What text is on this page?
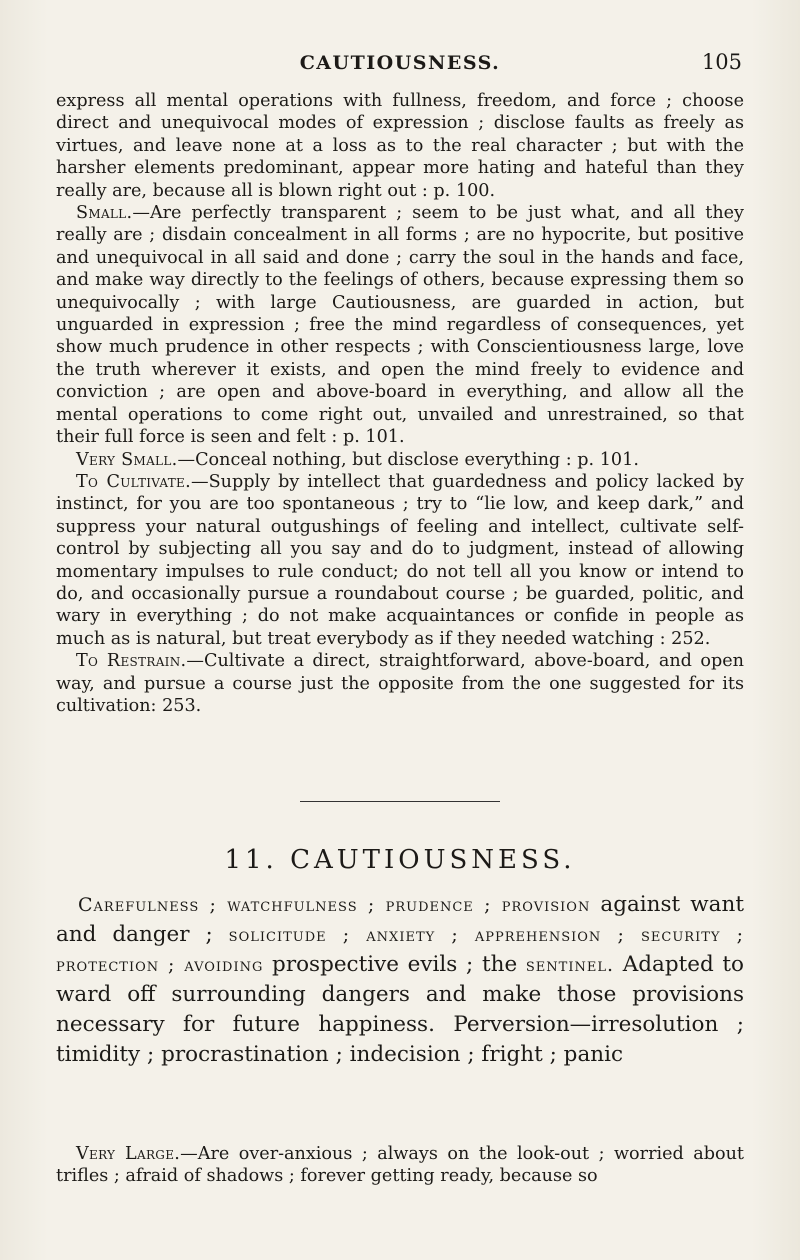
CAUTIOUSNESS.	105

express all mental operations with fullness, freedom, and force ; choose direct and unequivocal modes of expression ; disclose faults as freely as virtues, and leave none at a loss as to the real character ; but with the harsher elements predominant, appear more hating and hateful than they really are, because all is blown right out : p. 100.

Small.—Are perfectly transparent ; seem to be just what, and all they really are ; disdain concealment in all forms ; are no hypocrite, but positive and unequivocal in all said and done ; carry the soul in the hands and face, and make way directly to the feelings of others, because expressing them so unequivocally ; with large Cautiousness, are guarded in action, but unguarded in expression ; free the mind regardless of consequences, yet show much prudence in other respects ; with Conscientiousness large, love the truth wherever it exists, and open the mind freely to evidence and conviction ; are open and above-board in everything, and allow all the mental operations to come right out, unvailed and unrestrained, so that their full force is seen and felt : p. 101.

Very Small.—Conceal nothing, but disclose everything : p. 101.

To Cultivate.—Supply by intellect that guardedness and policy lacked by instinct, for you are too spontaneous ; try to “lie low, and keep dark,” and suppress your natural outgushings of feeling and intellect, cultivate self-control by subjecting all you say and do to judgment, instead of allowing momentary impulses to rule conduct; do not tell all you know or intend to do, and occasionally pursue a roundabout course ; be guarded, politic, and wary in everything ; do not make acquaintances or confide in people as much as is natural, but treat everybody as if they needed watching : 252.

To Restrain.—Cultivate a direct, straightforward, above-board, and open way, and pursue a course just the opposite from the one suggested for its cultivation: 253.

11. CAUTIOUSNESS.

Carefulness ; watchfulness ; prudence ; provision against want and danger ; solicitude ; anxiety ; apprehension ; security ; protection ; avoiding prospective evils ; the sentinel. Adapted to ward off surrounding dangers and make those provisions necessary for future happiness. Perversion—irresolution ; timidity ; procrastination ; indecision ; fright ; panic

Very Large.—Are over-anxious ; always on the look-out ; worried about trifles ; afraid of shadows ; forever getting ready, because so
